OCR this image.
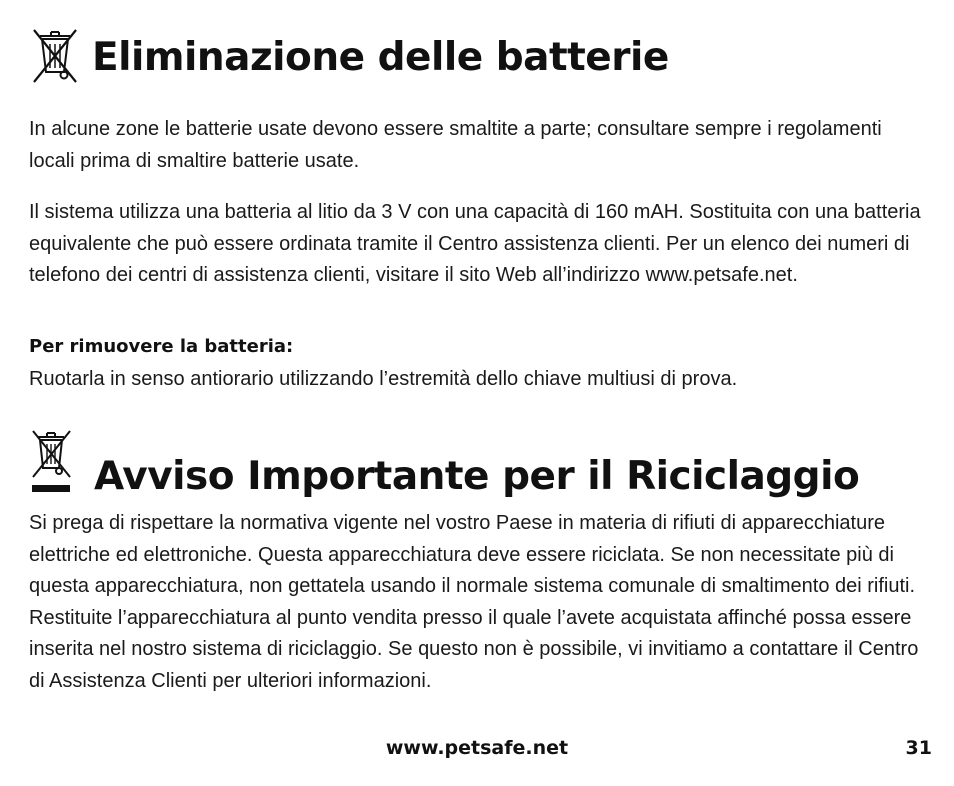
Eliminazione delle batterie

In alcune zone le batterie usate devono essere smaltite a parte; consultare sempre i regolamenti locali prima di smaltire batterie usate.

Il sistema utilizza una batteria al litio da 3 V con una capacità di 160 mAH. Sostituita con una batteria equivalente che può essere ordinata tramite il Centro assistenza clienti. Per un elenco dei numeri di telefono dei centri di assistenza clienti, visitare il sito Web all’indirizzo www.petsafe.net.

Per rimuovere la batteria:

Ruotarla in senso antiorario utilizzando l’estremità dello chiave multiusi di prova.

Avviso Importante per il Riciclaggio

Si prega di rispettare la normativa vigente nel vostro Paese in materia di rifiuti di apparecchiature elettriche ed elettroniche. Questa apparecchiatura deve essere riciclata. Se non necessitate più di questa apparecchiatura, non gettatela usando il normale sistema comunale di smaltimento dei rifiuti. Restituite l’apparecchiatura al punto vendita presso il quale l’avete acquistata affinché possa essere inserita nel nostro sistema di riciclaggio. Se questo non è possibile, vi invitiamo a contattare il Centro di Assistenza Clienti per ulteriori informazioni.

www.petsafe.net	31
